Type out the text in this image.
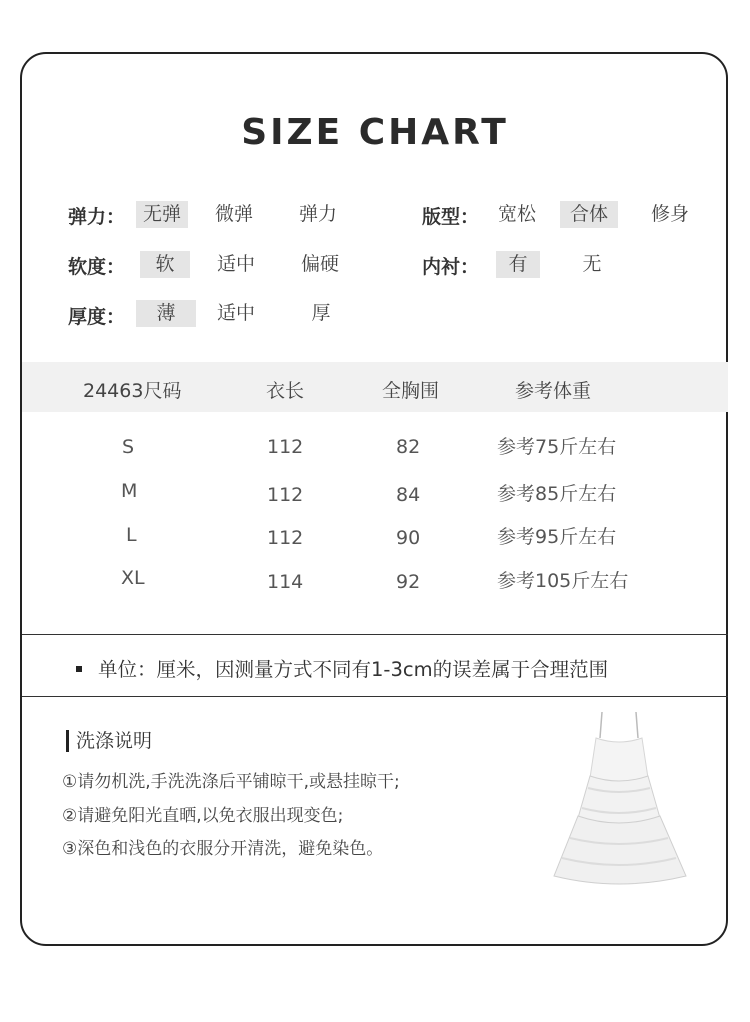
SIZE CHART
弹力： 无弹	微弹	弹力	版型： 宽松	合体	修身
软度：	软	适中	偏硬	内衬：	有	无
厚度：	薄	适中	厚
24463尺码	衣长	全胸围	参考体重
S	112	82	参考75斤左右
M	112	84	参考85斤左右
L	112	90	参考95斤左右
XL	114	92	参考105斤左右
单位：厘米，因测量方式不同有1-3cm的误差属于合理范围
洗涤说明
①请勿机洗,手洗洗涤后平铺晾干,或悬挂晾干;
②请避免阳光直晒,以免衣服出现变色;
③深色和浅色的衣服分开清洗，避免染色。
